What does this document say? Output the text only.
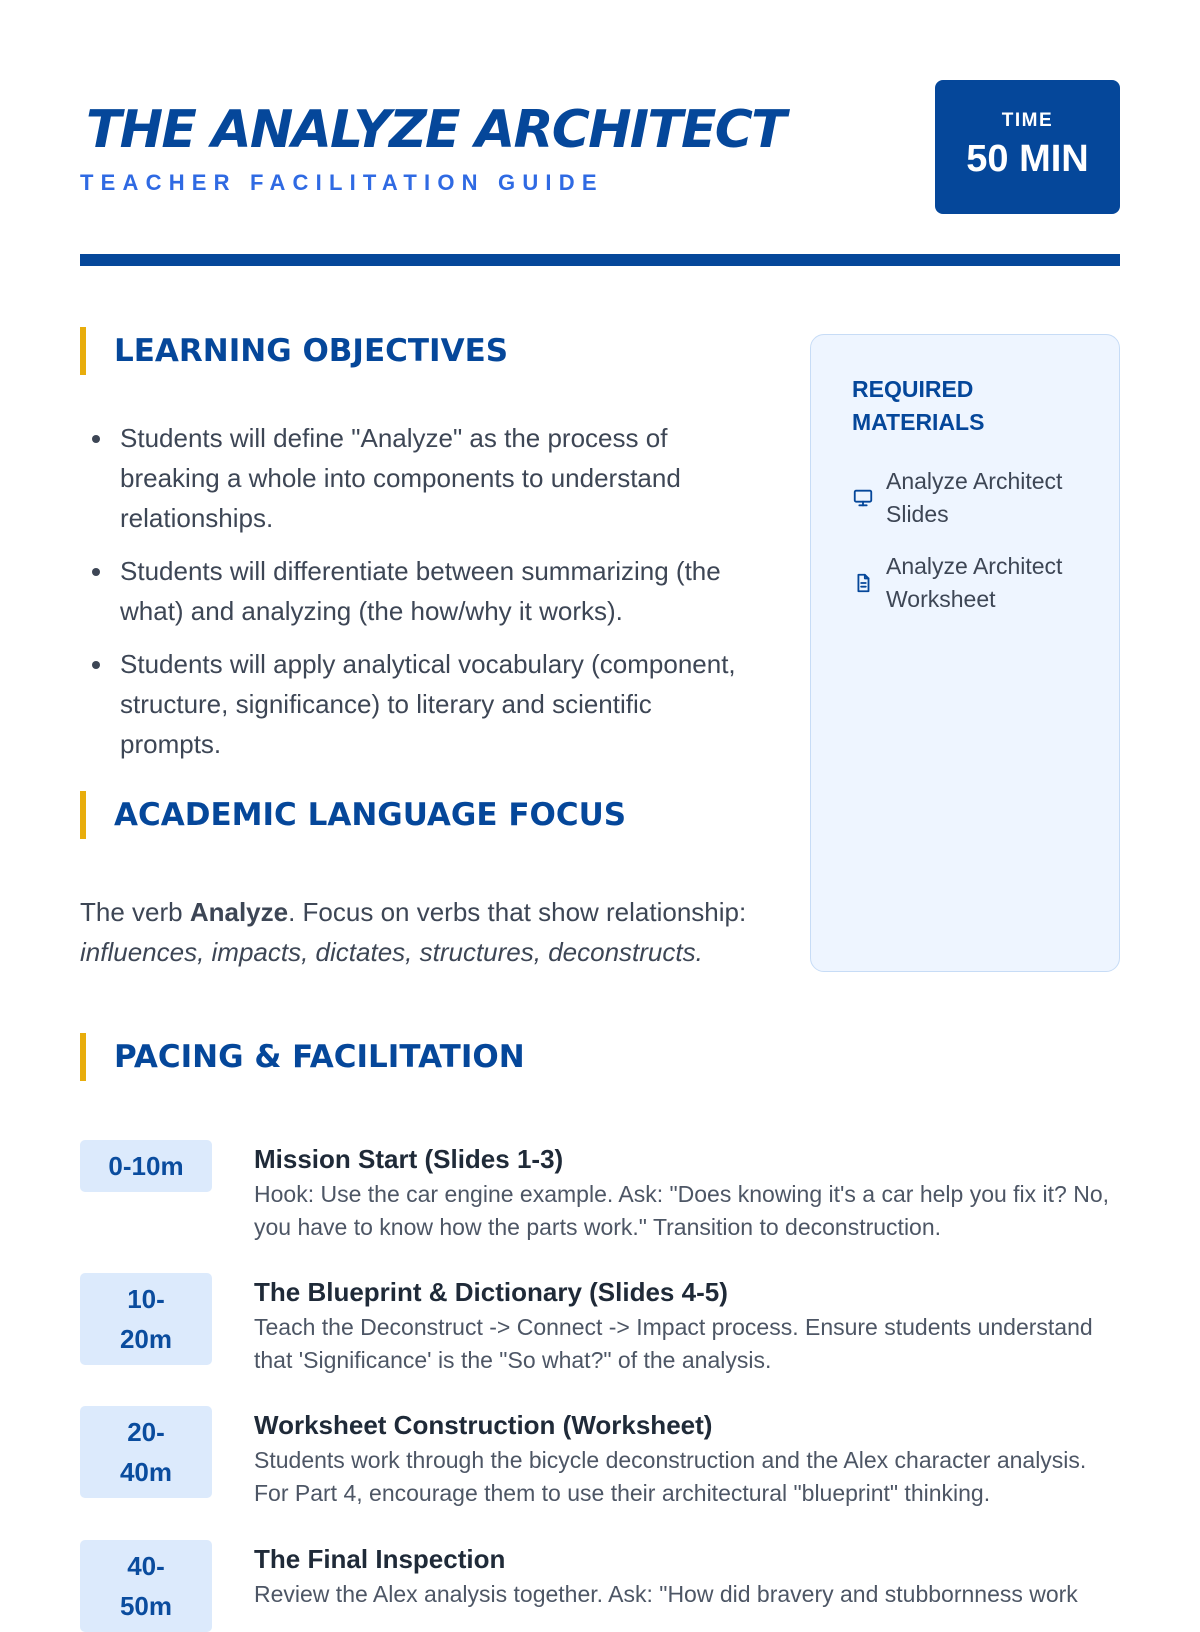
THE ANALYZE ARCHITECT
TEACHER FACILITATION GUIDE
TIME
50 MIN
LEARNING OBJECTIVES
Students will define "Analyze" as the process of breaking a whole into components to understand relationships.
Students will differentiate between summarizing (the what) and analyzing (the how/why it works).
Students will apply analytical vocabulary (component, structure, significance) to literary and scientific prompts.
ACADEMIC LANGUAGE FOCUS
The verb Analyze. Focus on verbs that show relationship:
influences, impacts, dictates, structures, deconstructs.
REQUIRED MATERIALS
Analyze Architect Slides
Analyze Architect Worksheet
PACING & FACILITATION
0-10m	Mission Start (Slides 1-3)
Hook: Use the car engine example. Ask: "Does knowing it's a car help you fix it? No, you have to know how the parts work." Transition to deconstruction.
10-20m
The Blueprint & Dictionary (Slides 4-5)
Teach the Deconstruct -> Connect -> Impact process. Ensure students understand that 'Significance' is the "So what?" of the analysis.
20-40m
Worksheet Construction (Worksheet)
Students work through the bicycle deconstruction and the Alex character analysis. For Part 4, encourage them to use their architectural "blueprint" thinking.
40-50m
The Final Inspection
Review the Alex analysis together. Ask: "How did bravery and stubbornness work
